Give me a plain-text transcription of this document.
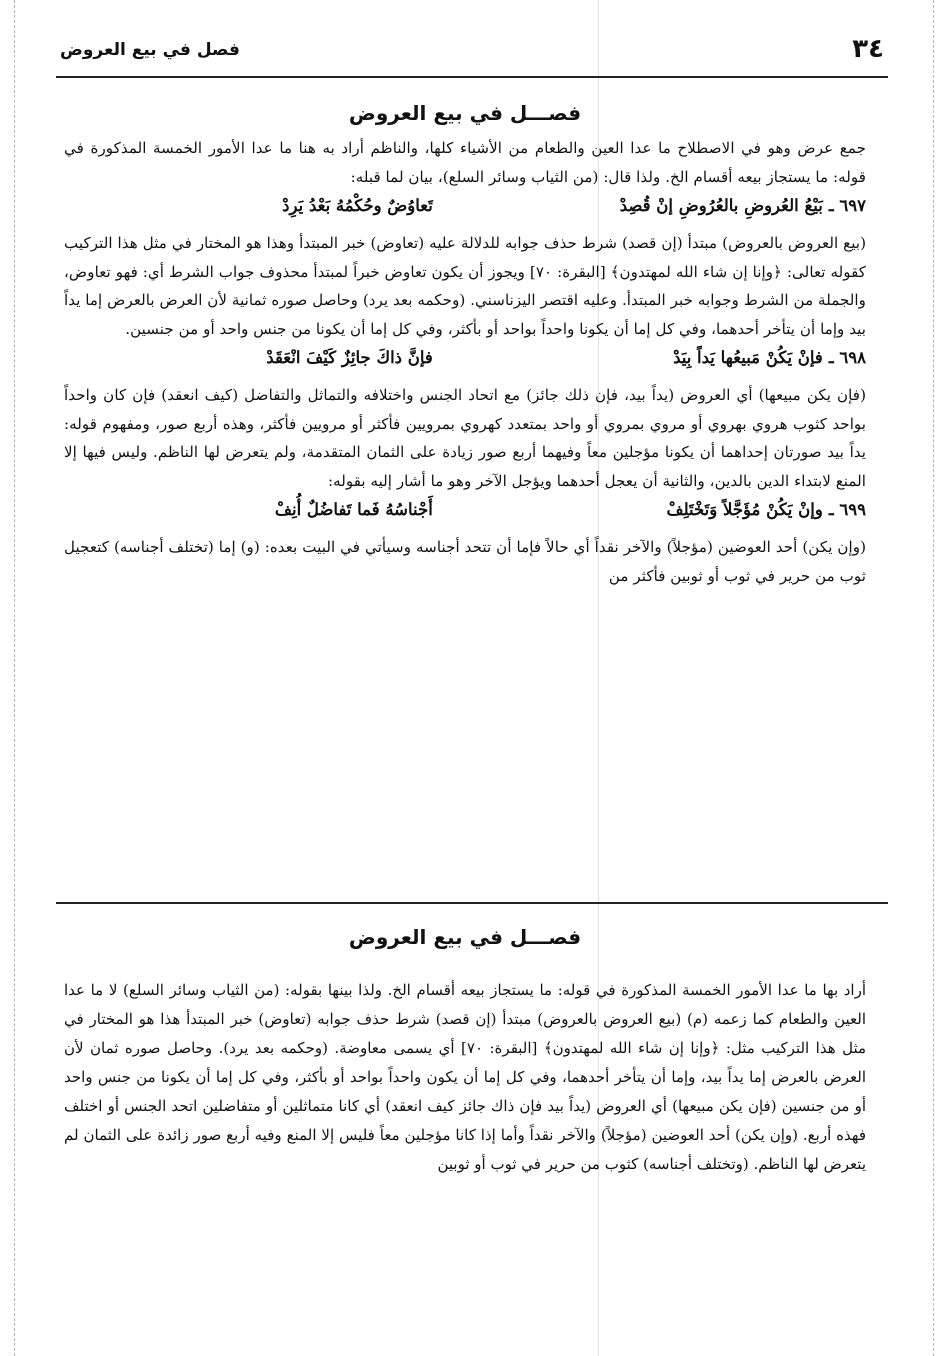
٣٤
فصل في بيع العروض
فصـــل في بيع العروض

جمع عرض وهو في الاصطلاح ما عدا العين والطعام من الأشياء كلها، والناظم أراد به هنا ما عدا الأمور الخمسة المذكورة في قوله: ما يستجاز بيعه أقسام الخ. ولذا قال: (من الثياب وسائر السلع)، بيان لما قبله:

٦٩٧ ـبَيْعُ العُروضِ بالعُرُوضِ إنْ قُصِدْتَعاوُضٌ وحُكْمُهُ بَعْدُ يَرِدْ

(بيع العروض بالعروض) مبتدأ (إن قصد) شرط حذف جوابه للدلالة عليه (تعاوض) خبر المبتدأ وهذا هو المختار في مثل هذا التركيب كقوله تعالى: ﴿وإنا إن شاء الله لمهتدون﴾ [البقرة: ٧٠] ويجوز أن يكون تعاوض خبراً لمبتدأ محذوف جواب الشرط أي: فهو تعاوض، والجملة من الشرط وجوابه خبر المبتدأ. وعليه اقتصر اليزناسني. (وحكمه بعد يرد) وحاصل صوره ثمانية لأن العرض بالعرض إما يداً بيد وإما أن يتأخر أحدهما، وفي كل إما أن يكونا واحداً بواحد أو بأكثر، وفي كل إما أن يكونا من جنس واحد أو من جنسين.

٦٩٨ ـفإنْ يَكُنْ مَبيعُها يَداً بِيَدْفإنَّ ذاكَ جائِزٌ كَيْفَ انْعَقَدْ

(فإن يكن مبيعها) أي العروض (يداً بيد، فإن ذلك جائز) مع اتحاد الجنس واختلافه والتماثل والتفاضل (كيف انعقد) فإن كان واحداً بواحد كثوب هروي بهروي أو مروي بمروي أو واحد بمتعدد كهروي بمرويين فأكثر أو مرويين فأكثر، وهذه أربع صور، ومفهوم قوله: يداً بيد صورتان إحداهما أن يكونا مؤجلين معاً وفيهما أربع صور زيادة على الثمان المتقدمة، ولم يتعرض لها الناظم. وليس فيها إلا المنع لابتداء الدين بالدين، والثانية أن يعجل أحدهما ويؤجل الآخر وهو ما أشار إليه بقوله:

٦٩٩ ـوإنْ يَكُنْ مُؤَجَّلاً وَتَخْتَلِفْأَجْناسُهُ فَما تَفاضُلٌ أُنِفْ

(وإن يكن) أحد العوضين (مؤجلاً) والآخر نقداً أي حالاً فإما أن تتحد أجناسه وسيأتي في البيت بعده: (و) إما (تختلف أجناسه) كتعجيل ثوب من حرير في ثوب أو ثوبين فأكثر من

فصـــل في بيع العروض

أراد بها ما عدا الأمور الخمسة المذكورة في قوله: ما يستجاز بيعه أقسام الخ. ولذا بينها بقوله: (من الثياب وسائر السلع) لا ما عدا العين والطعام كما زعمه (م) (بيع العروض بالعروض) مبتدأ (إن قصد) شرط حذف جوابه (تعاوض) خبر المبتدأ هذا هو المختار في مثل هذا التركيب مثل: ﴿وإنا إن شاء الله لمهتدون﴾ [البقرة: ٧٠] أي يسمى معاوضة. (وحكمه بعد يرد). وحاصل صوره ثمان لأن العرض بالعرض إما يداً بيد، وإما أن يتأخر أحدهما، وفي كل إما أن يكون واحداً بواحد أو بأكثر، وفي كل إما أن يكونا من جنس واحد أو من جنسين (فإن يكن مبيعها) أي العروض (يداً بيد فإن ذاك جائز كيف انعقد) أي كانا متماثلين أو متفاضلين اتحد الجنس أو اختلف فهذه أربع. (وإن يكن) أحد العوضين (مؤجلاً) والآخر نقداً وأما إذا كانا مؤجلين معاً فليس إلا المنع وفيه أربع صور زائدة على الثمان لم يتعرض لها الناظم. (وتختلف أجناسه) كثوب من حرير في ثوب أو ثوبين
